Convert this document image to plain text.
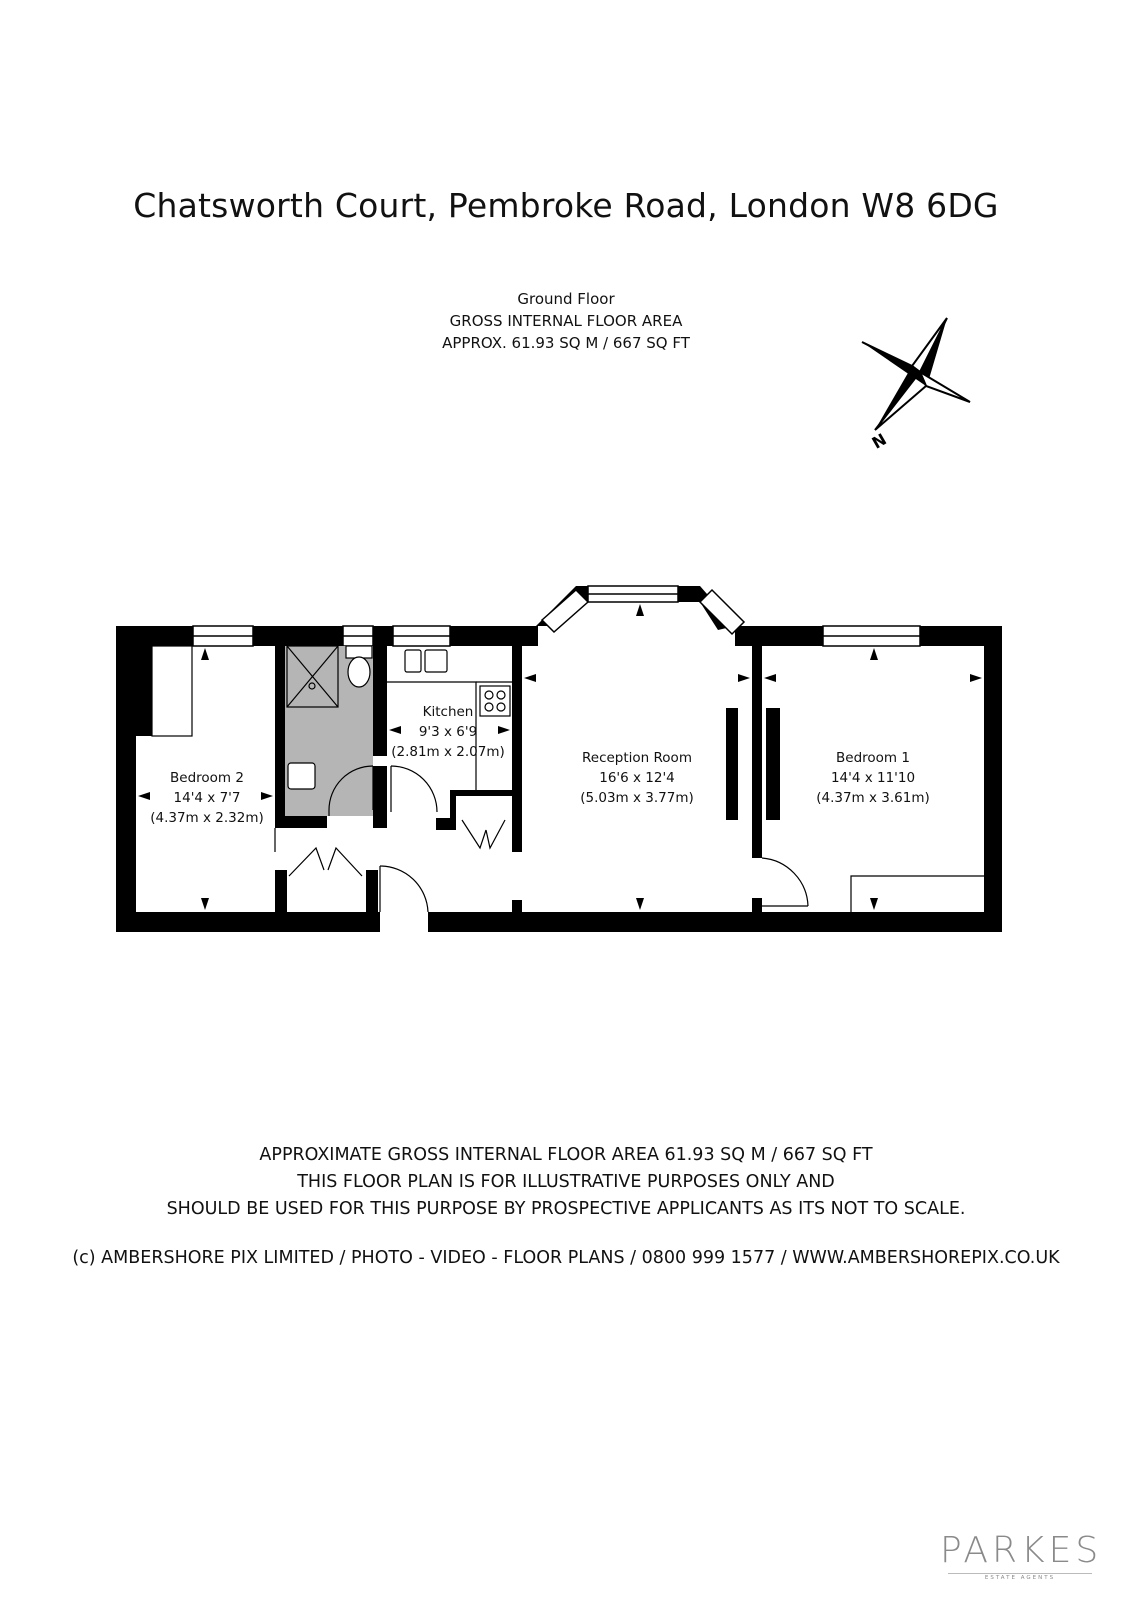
Chatsworth Court, Pembroke Road, London W8 6DG
Ground Floor
GROSS INTERNAL FLOOR AREA
APPROX. 61.93 SQ M / 667 SQ FT
N
Bedroom 2
14'4 x 7'7
(4.37m x 2.32m)
Kitchen
9'3 x 6'9
(2.81m x 2.07m)	Reception Room
16'6 x 12'4
(5.03m x 3.77m)
Bedroom 1
14'4 x 11'10
(4.37m x 3.61m)
APPROXIMATE GROSS INTERNAL FLOOR AREA 61.93 SQ M / 667 SQ FT
THIS FLOOR PLAN IS FOR ILLUSTRATIVE PURPOSES ONLY AND
SHOULD BE USED FOR THIS PURPOSE BY PROSPECTIVE APPLICANTS AS ITS NOT TO SCALE.
(c) AMBERSHORE PIX LIMITED / PHOTO - VIDEO - FLOOR PLANS / 0800 999 1577 / WWW.AMBERSHOREPIX.CO.UK
PARKES
ESTATE AGENTS
